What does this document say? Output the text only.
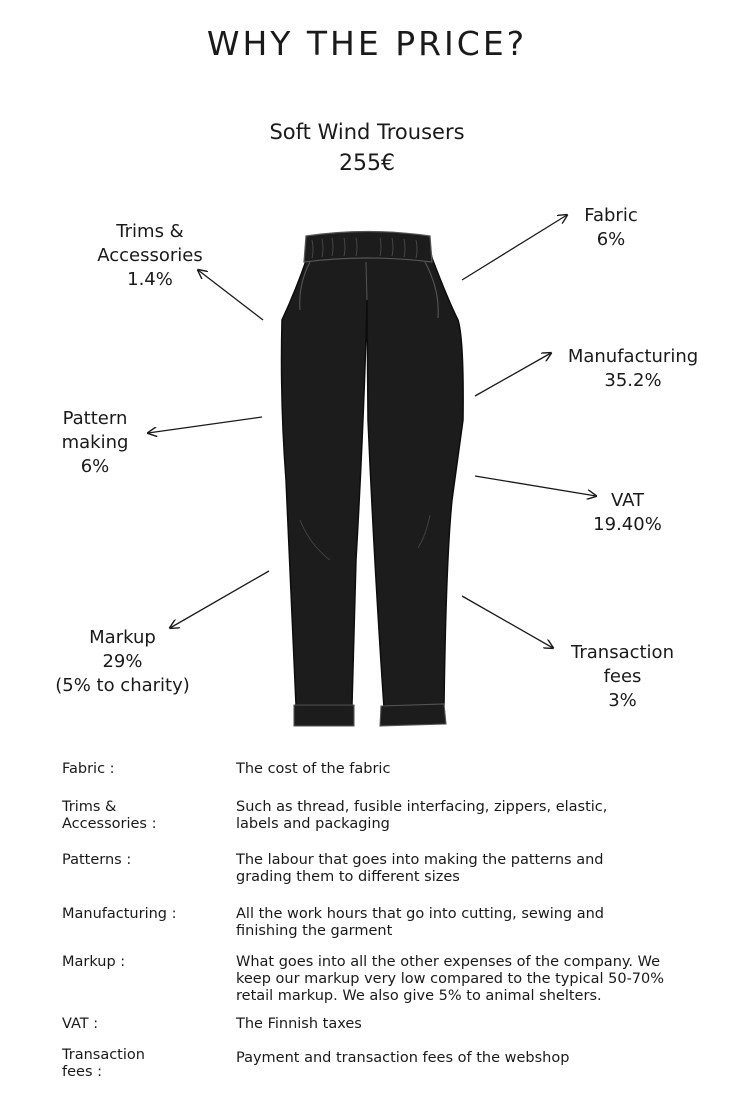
WHY THE PRICE?
Soft Wind Trousers
255€
Trims &
Accessories
1.4%
Pattern
making
6%
Markup
29%
(5% to charity)
Fabric
6%
Manufacturing
35.2%
VAT
19.40%
Transaction
fees
3%
Fabric :	The cost of the fabric
Trims & Accessories :
Such as thread, fusible interfacing, zippers, elastic, labels and packaging
Patterns :	The labour that goes into making the patterns and grading them to different sizes
Manufacturing :	All the work hours that go into cutting, sewing and finishing the garment
Markup :	What goes into all the other expenses of the company. We keep our markup very low compared to the typical 50-70% retail markup. We also give 5% to animal shelters.
VAT :	The Finnish taxes
Transaction fees :
Payment and transaction fees of the webshop
